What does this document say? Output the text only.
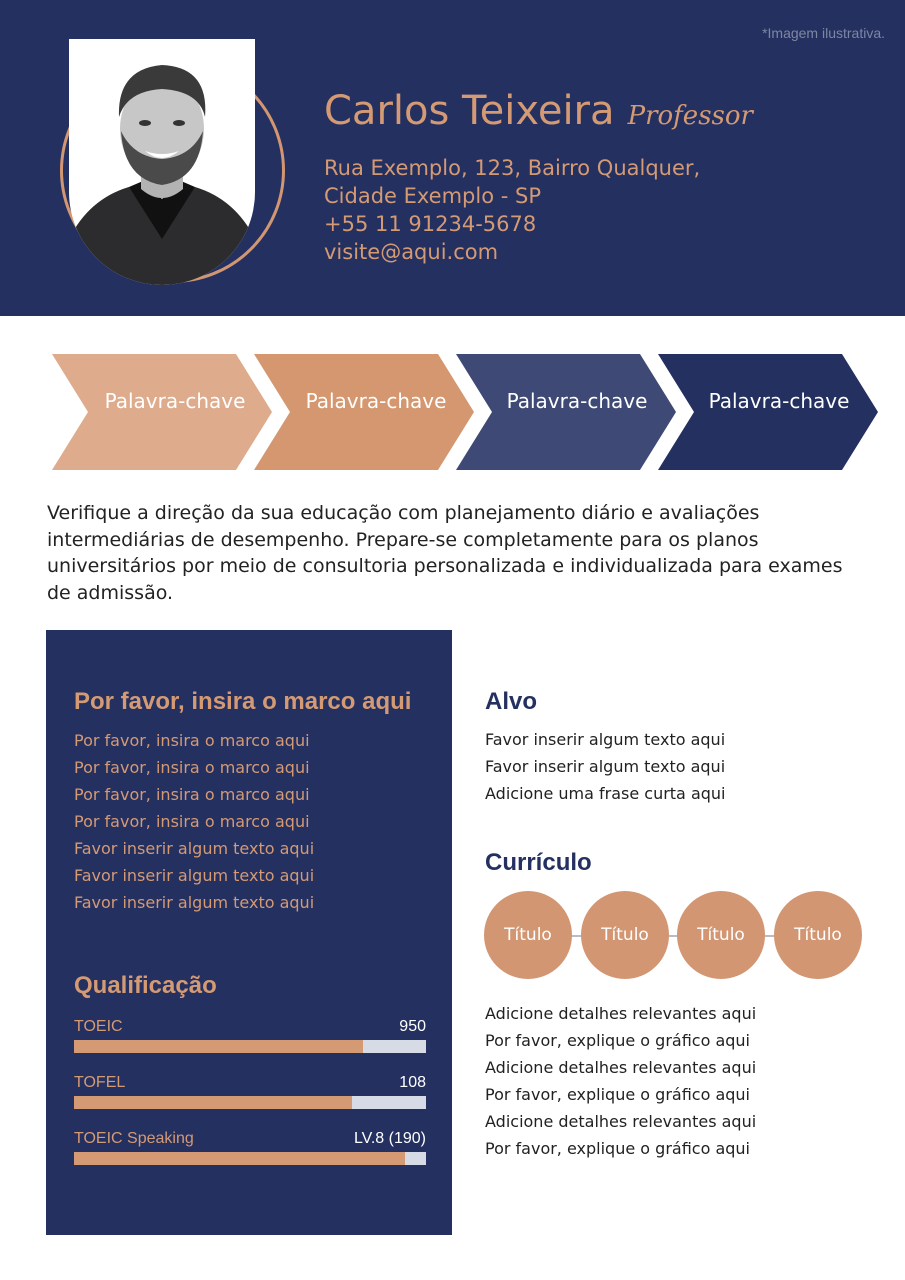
*Imagem ilustrativa.
Carlos Teixeira Professor
Rua Exemplo, 123, Bairro Qualquer,
Cidade Exemplo - SP
+55 11 91234-5678
visite@aqui.com
Palavra-chave	Palavra-chave	Palavra-chave	Palavra-chave

Verifique a direção da sua educação com planejamento diário e avaliações intermediárias de desempenho. Prepare-se completamente para os planos universitários por meio de consultoria personalizada e individualizada para exames de admissão.

Por favor, insira o marco aqui
Por favor, insira o marco aqui
Por favor, insira o marco aqui
Por favor, insira o marco aqui
Por favor, insira o marco aqui
Favor inserir algum texto aqui
Favor inserir algum texto aqui
Favor inserir algum texto aqui
Qualificação
TOEIC	950
TOFEL	108
TOEIC Speaking	LV.8 (190)
Alvo
Favor inserir algum texto aqui
Favor inserir algum texto aqui
Adicione uma frase curta aqui
Currículo
Título	Título	Título	Título
Adicione detalhes relevantes aqui
Por favor, explique o gráfico aqui
Adicione detalhes relevantes aqui
Por favor, explique o gráfico aqui
Adicione detalhes relevantes aqui
Por favor, explique o gráfico aqui
